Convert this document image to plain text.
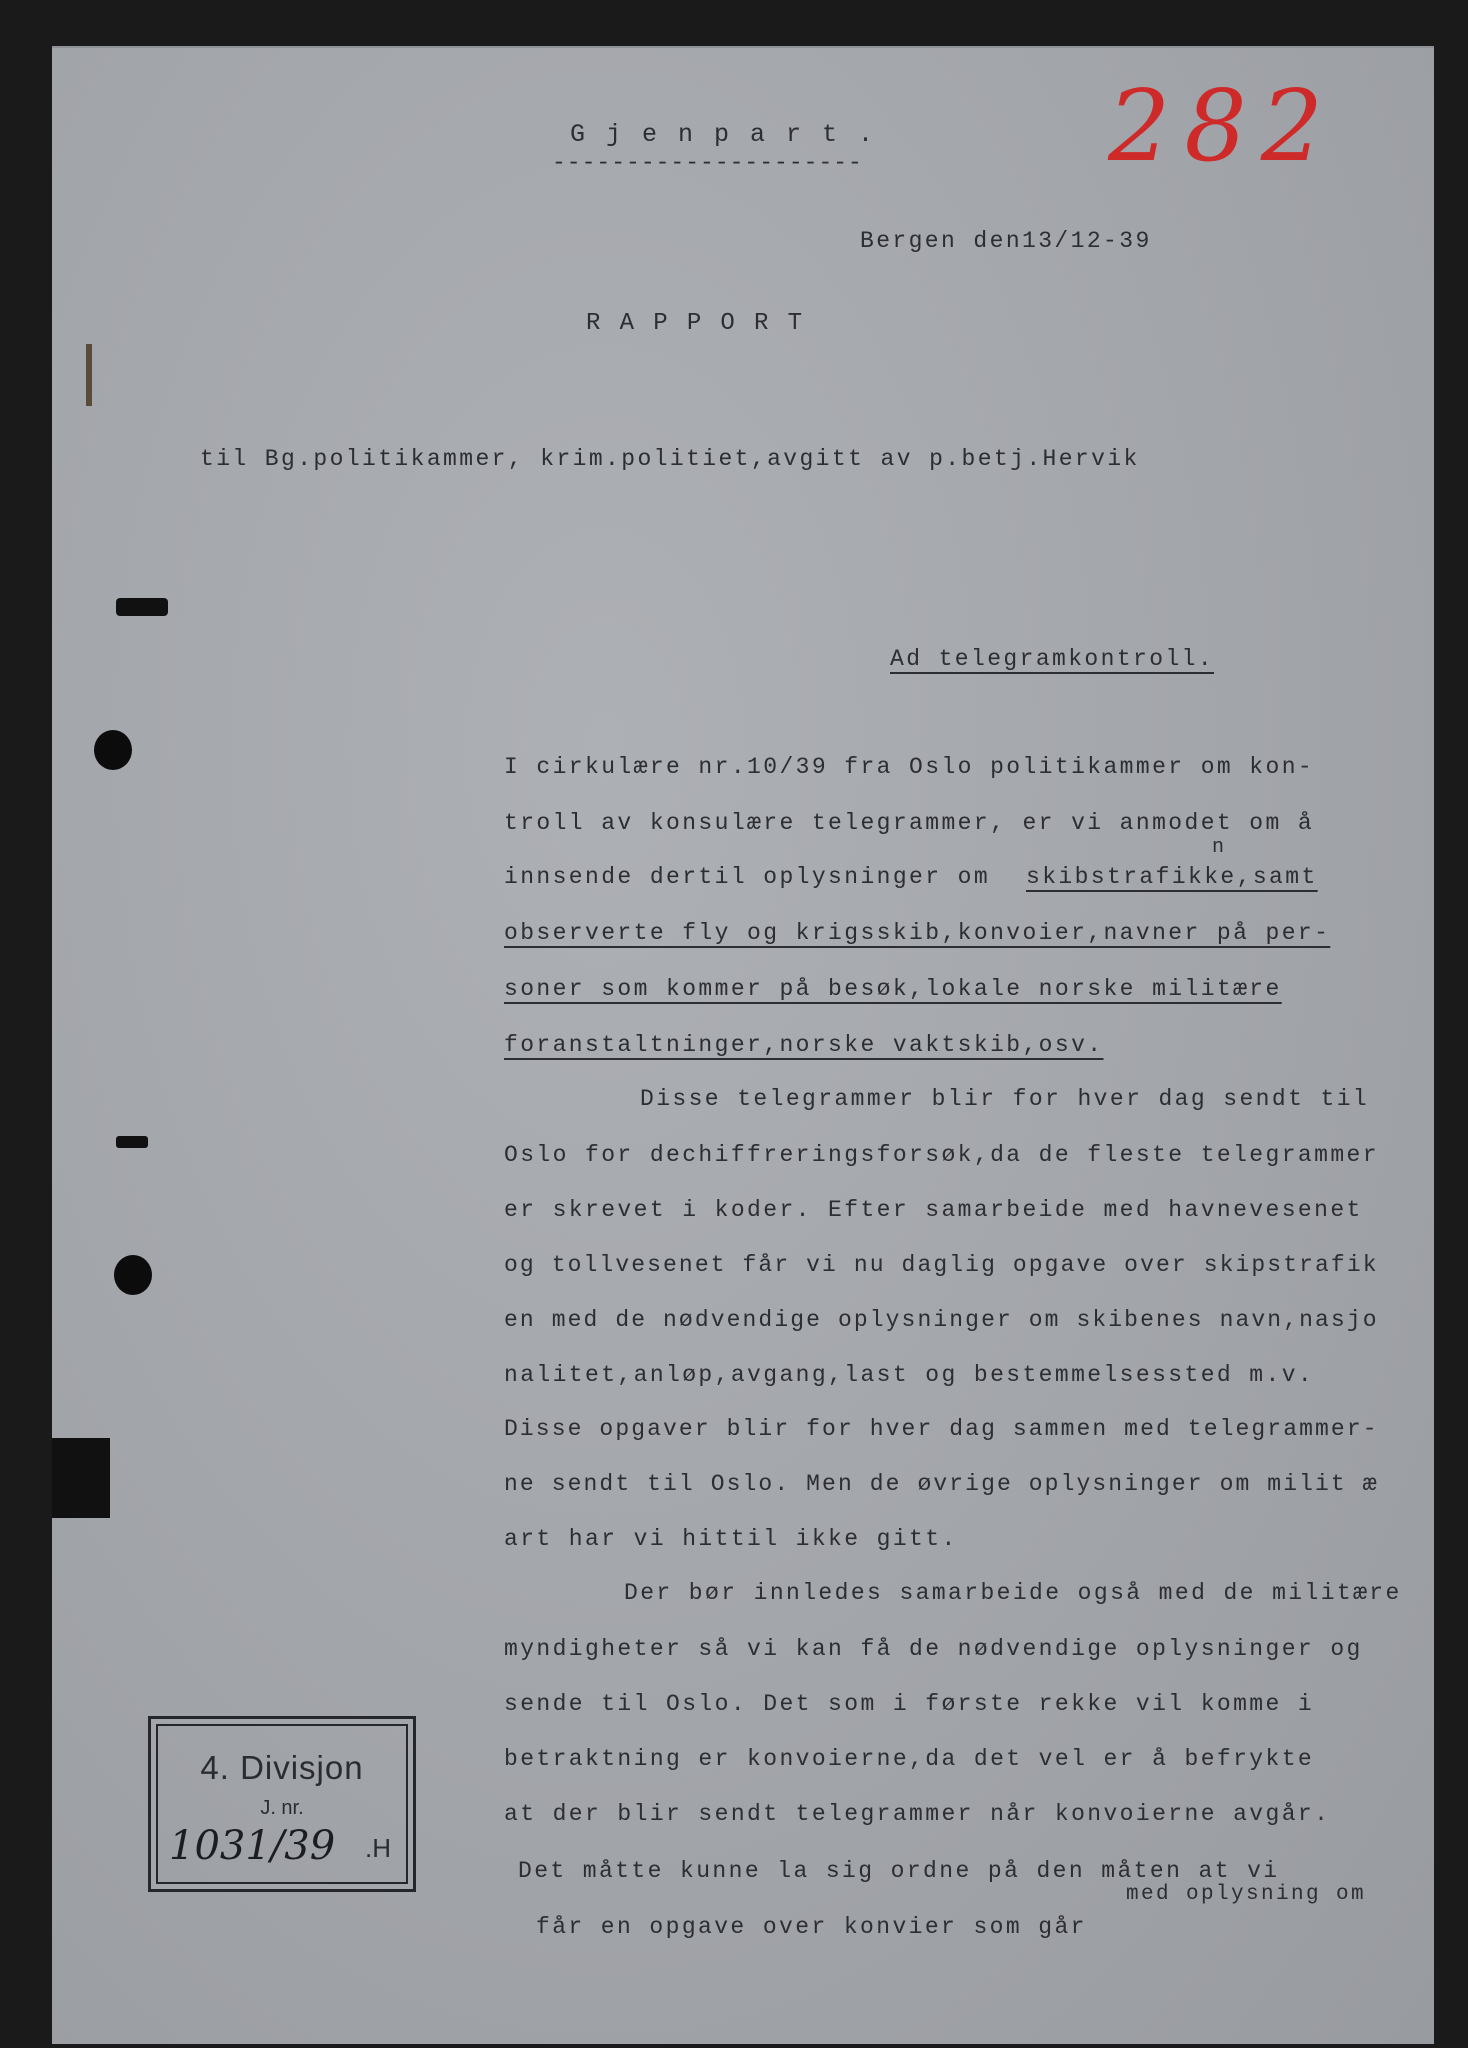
282
G j e n p a r t .
---------------------
Bergen den13/12-39
R A P P O R T
til Bg.politikammer, krim.politiet,avgitt av p.betj.Hervik
Ad telegramkontroll.
I cirkulære nr.10/39 fra Oslo politikammer om kon-
troll av konsulære telegrammer, er vi anmodet om å
n
innsende dertil oplysninger om skibstrafikke,samt
observerte fly og krigsskib,konvoier,navner på per-
soner som kommer på besøk,lokale norske militære
foranstaltninger,norske vaktskib,osv.
Disse telegrammer blir for hver dag sendt til
Oslo for dechiffreringsforsøk,da de fleste telegrammer
er skrevet i koder. Efter samarbeide med havnevesenet
og tollvesenet får vi nu daglig opgave over skipstrafik
en med de nødvendige oplysninger om skibenes navn,nasjo
nalitet,anløp,avgang,last og bestemmelsessted m.v.
Disse opgaver blir for hver dag sammen med telegrammer-
ne sendt til Oslo. Men de øvrige oplysninger om milit æ
art har vi hittil ikke gitt.
Der bør innledes samarbeide også med de militære
myndigheter så vi kan få de nødvendige oplysninger og
sende til Oslo. Det som i første rekke vil komme i
betraktning er konvoierne,da det vel er å befrykte
at der blir sendt telegrammer når konvoierne avgår.
Det måtte kunne la sig ordne på den måten at vi
med oplysning om
får en opgave over konvier som går
4. Divisjon
J. nr.
1031/39 .H
